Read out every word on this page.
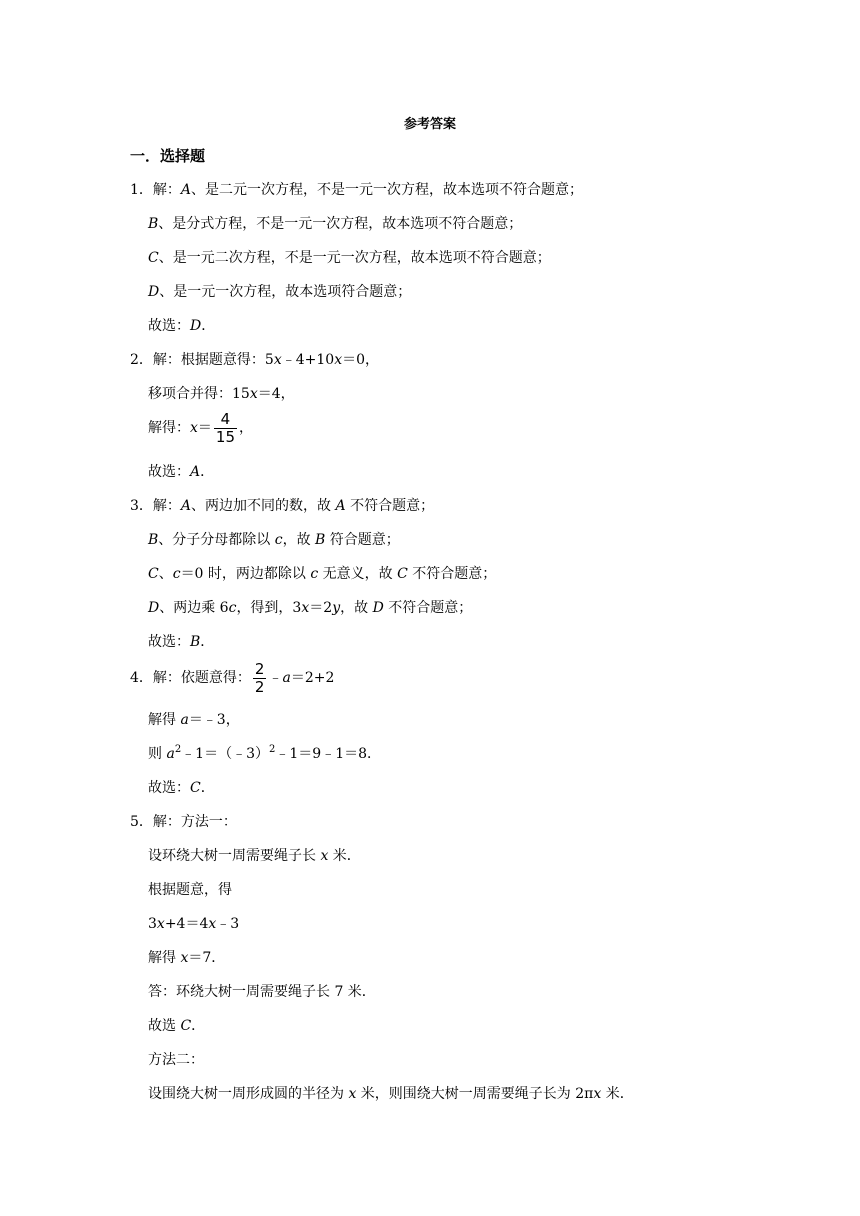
参考答案
一．选择题
1．解：A、是二元一次方程，不是一元一次方程，故本选项不符合题意；
B、是分式方程，不是一元一次方程，故本选项不符合题意；
C、是一元二次方程，不是一元一次方程，故本选项不符合题意；
D、是一元一次方程，故本选项符合题意；
故选：D．
2．解：根据题意得：5x﹣4+10x＝0，
移项合并得：15x＝4，
解得：$x= \frac{4}{15}$ ，
故选：A．
3．解：A、两边加不同的数，故 A 不符合题意；
B、分子分母都除以 c，故 B 符合题意；
C、c＝0 时，两边都除以 c 无意义，故 C 不符合题意；
D、两边乘 6c，得到，3x＝2y，故 D 不符合题意；
故选：B．
4．解：依题意得： $\frac{2}{2}$ ﹣a＝2+2
解得 a＝﹣3，
则 $a^2﹣1=(﹣3)^2﹣1=9﹣1=8$．
故选：C．
5．解：方法一：
设环绕大树一周需要绳子长 x 米．
根据题意，得
3x+4＝4x﹣3
解得 x＝7．
答：环绕大树一周需要绳子长 7 米．
故选 C．
方法二：
设围绕大树一周形成圆的半径为 x 米，则围绕大树一周需要绳子长为 2πx 米．
